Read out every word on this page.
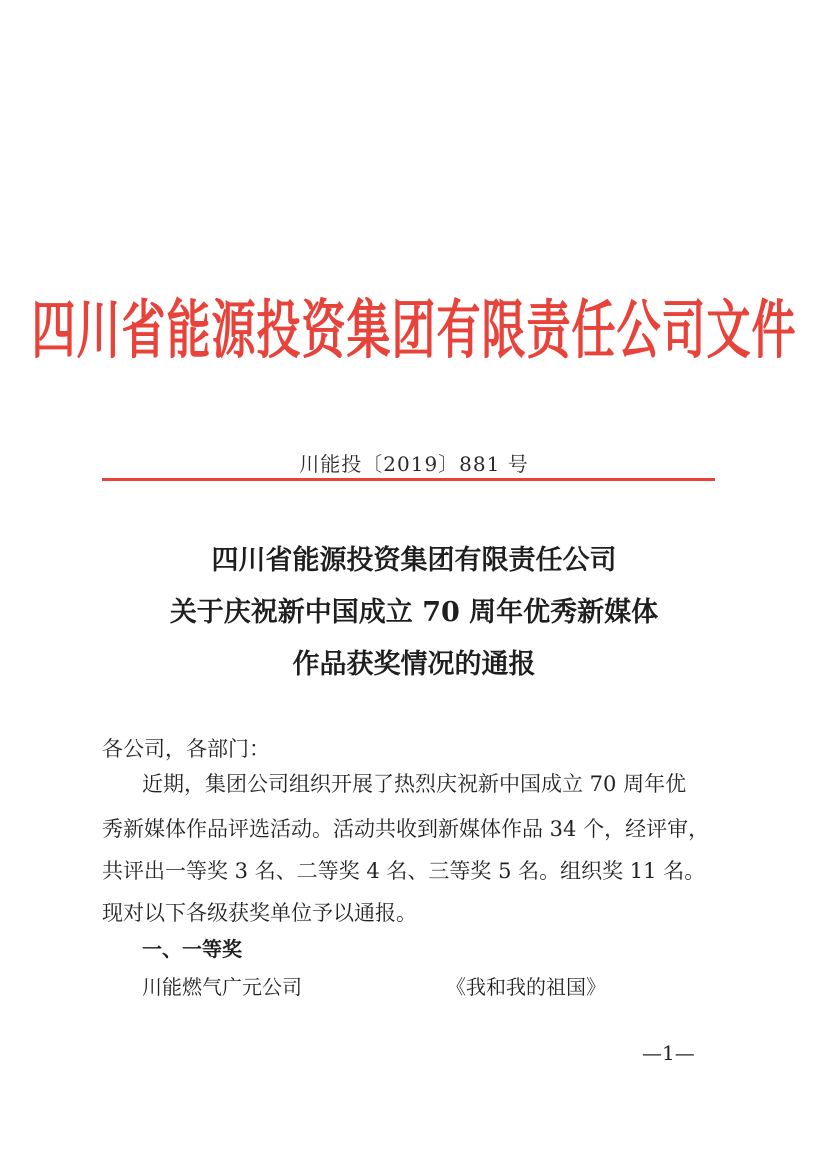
四川省能源投资集团有限责任公司文件
川能投〔2019〕881 号
四川省能源投资集团有限责任公司
关于庆祝新中国成立 70 周年优秀新媒体
作品获奖情况的通报
各公司，各部门：
近期，集团公司组织开展了热烈庆祝新中国成立 70 周年优
秀新媒体作品评选活动。活动共收到新媒体作品 34 个，经评审，
共评出一等奖 3 名、二等奖 4 名、三等奖 5 名。组织奖 11 名。
现对以下各级获奖单位予以通报。
一、一等奖
川能燃气广元公司	《我和我的祖国》
—1—
